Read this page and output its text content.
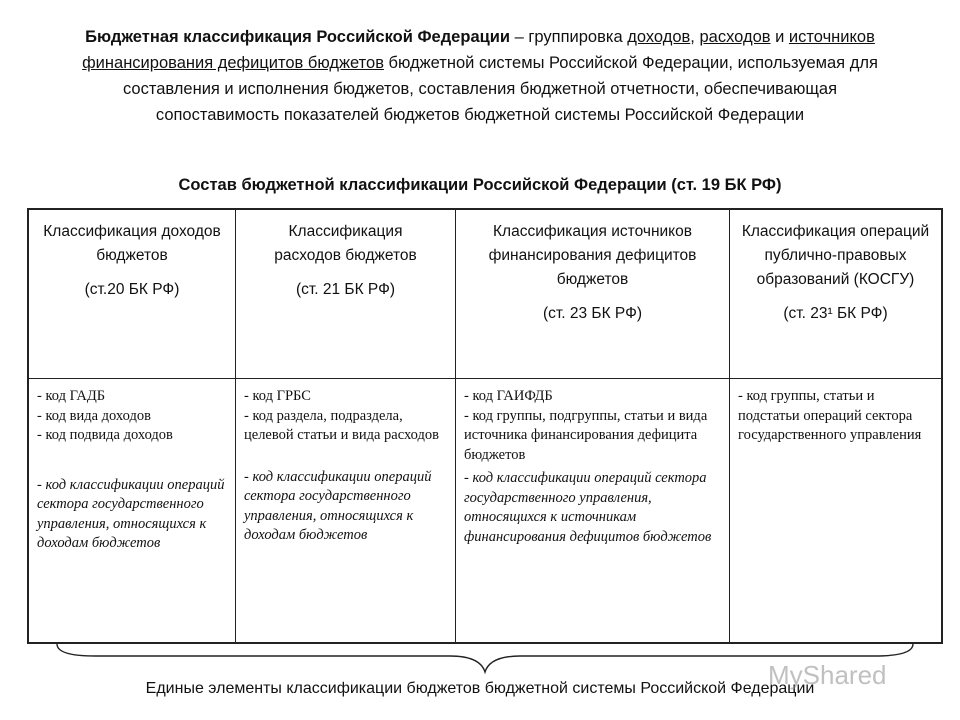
Бюджетная классификация Российской Федерации – группировка доходов, расходов и источников финансирования дефицитов бюджетов бюджетной системы Российской Федерации, используемая для составления и исполнения бюджетов, составления бюджетной отчетности, обеспечивающая сопоставимость показателей бюджетов бюджетной системы Российской Федерации
Состав бюджетной классификации Российской Федерации (ст. 19 БК РФ)
Классификация доходов бюджетов
(ст.20 БК РФ)
Классификация расходов бюджетов
(ст. 21 БК РФ)
Классификация источников финансирования дефицитов бюджетов
(ст. 23 БК РФ)
Классификация операций публично-правовых образований (КОСГУ)
(ст. 23¹ БК РФ)
- код ГАДБ
- код вида доходов
- код подвида доходов
- код классификации операций сектора государственного управления, относящихся к доходам бюджетов
- код ГРБС
- код раздела, подраздела, целевой статьи и вида расходов
- код классификации операций сектора государственного управления, относящихся к доходам бюджетов
- код ГАИФДБ
- код группы, подгруппы, статьи и вида источника финансирования дефицита бюджетов
- код классификации операций сектора государственного управления, относящихся к источникам финансирования дефицитов бюджетов
- код группы, статьи и подстатьи операций сектора государственного управления
Единые элементы классификации бюджетов бюджетной системы Российской Федерации
MyShared
